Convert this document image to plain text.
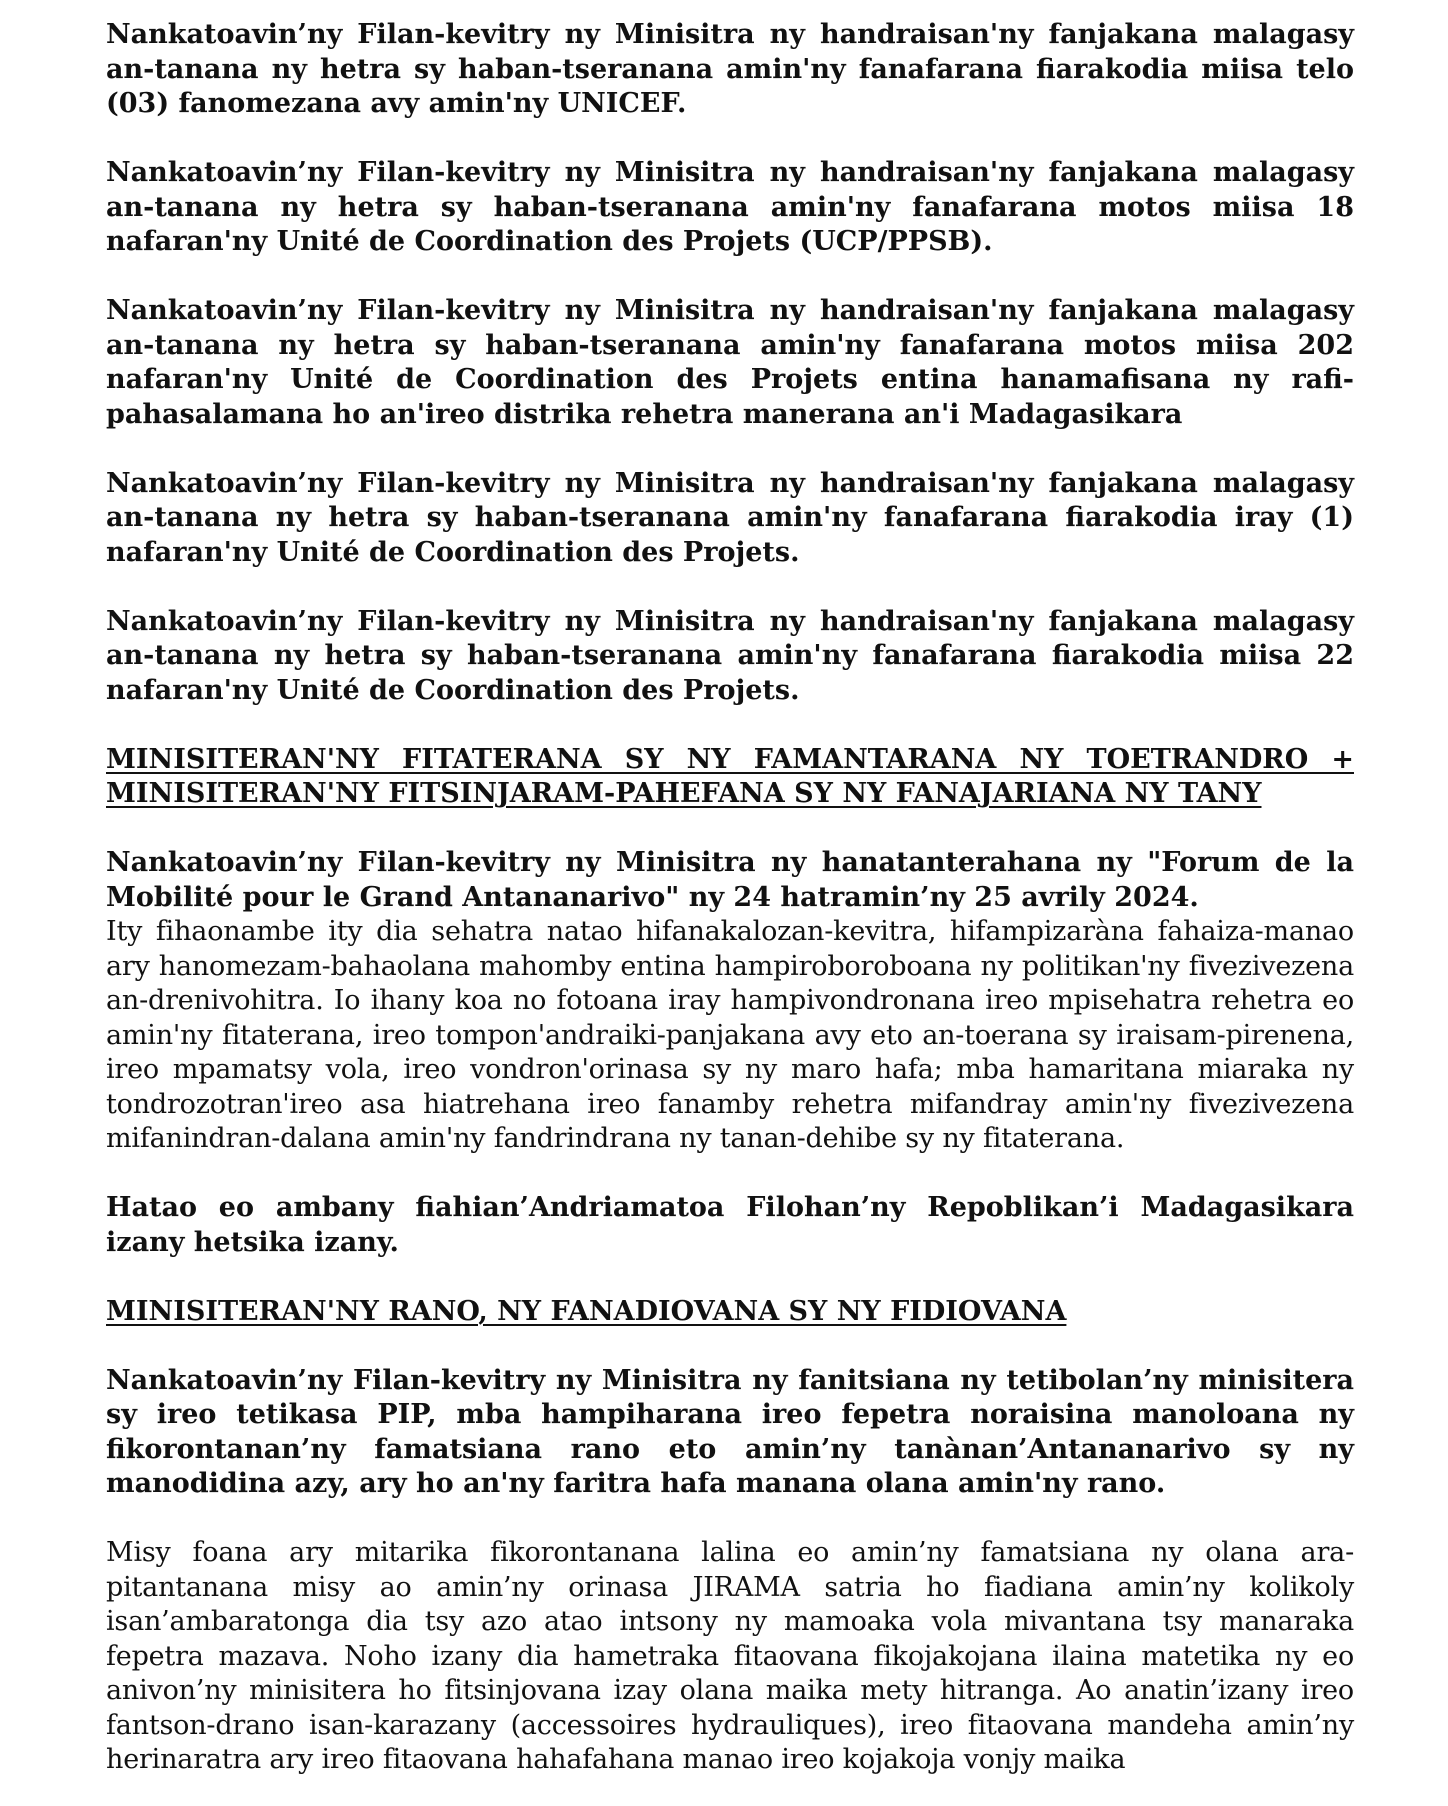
Nankatoavin’ny Filan-kevitry ny Minisitra ny handraisan'ny fanjakana malagasy an-tanana ny hetra sy haban-tseranana amin'ny fanafarana fiarakodia miisa telo (03) fanomezana avy amin'ny UNICEF.

Nankatoavin’ny Filan-kevitry ny Minisitra ny handraisan'ny fanjakana malagasy an-tanana ny hetra sy haban-tseranana amin'ny fanafarana motos miisa 18 nafaran'ny Unité de Coordination des Projets (UCP/PPSB).

Nankatoavin’ny Filan-kevitry ny Minisitra ny handraisan'ny fanjakana malagasy an-tanana ny hetra sy haban-tseranana amin'ny fanafarana motos miisa 202 nafaran'ny Unité de Coordination des Projets entina hanamafisana ny rafi-pahasalamana ho an'ireo distrika rehetra manerana an'i Madagasikara

Nankatoavin’ny Filan-kevitry ny Minisitra ny handraisan'ny fanjakana malagasy an-tanana ny hetra sy haban-tseranana amin'ny fanafarana fiarakodia iray (1) nafaran'ny Unité de Coordination des Projets.

Nankatoavin’ny Filan-kevitry ny Minisitra ny handraisan'ny fanjakana malagasy an-tanana ny hetra sy haban-tseranana amin'ny fanafarana fiarakodia miisa 22 nafaran'ny Unité de Coordination des Projets.

MINISITERAN'NY FITATERANA SY NY FAMANTARANA NY TOETRANDRO + MINISITERAN'NY FITSINJARAM-PAHEFANA SY NY FANAJARIANA NY TANY

Nankatoavin’ny Filan-kevitry ny Minisitra ny hanatanterahana ny "Forum de la Mobilité pour le Grand Antananarivo" ny 24 hatramin’ny 25 avrily 2024.

Ity fihaonambe ity dia sehatra natao hifanakalozan-kevitra, hifampizaràna fahaiza-manao ary hanomezam-bahaolana mahomby entina hampiroboroboana ny politikan'ny fivezivezena an-drenivohitra. Io ihany koa no fotoana iray hampivondronana ireo mpisehatra rehetra eo amin'ny fitaterana, ireo tompon'andraiki-panjakana avy eto an-toerana sy iraisam-pirenena, ireo mpamatsy vola, ireo vondron'orinasa sy ny maro hafa; mba hamaritana miaraka ny tondrozotran'ireo asa hiatrehana ireo fanamby rehetra mifandray amin'ny fivezivezena mifanindran-dalana amin'ny fandrindrana ny tanan-dehibe sy ny fitaterana.

Hatao eo ambany fiahian’Andriamatoa Filohan’ny Repoblikan’i Madagasikara izany hetsika izany.

MINISITERAN'NY RANO, NY FANADIOVANA SY NY FIDIOVANA

Nankatoavin’ny Filan-kevitry ny Minisitra ny fanitsiana ny tetibolan’ny minisitera sy ireo tetikasa PIP, mba hampiharana ireo fepetra noraisina manoloana ny fikorontanan’ny famatsiana rano eto amin’ny tanànan’Antananarivo sy ny manodidina azy, ary ho an'ny faritra hafa manana olana amin'ny rano.

Misy foana ary mitarika fikorontanana lalina eo amin’ny famatsiana ny olana ara-pitantanana misy ao amin’ny orinasa JIRAMA satria ho fiadiana amin’ny kolikoly isan’ambaratonga dia tsy azo atao intsony ny mamoaka vola mivantana tsy manaraka fepetra mazava. Noho izany dia hametraka fitaovana fikojakojana ilaina matetika ny eo anivon’ny minisitera ho fitsinjovana izay olana maika mety hitranga. Ao anatin’izany ireo fantson-drano isan-karazany (accessoires hydrauliques), ireo fitaovana mandeha amin’ny herinaratra ary ireo fitaovana hahafahana manao ireo kojakoja vonjy maika
